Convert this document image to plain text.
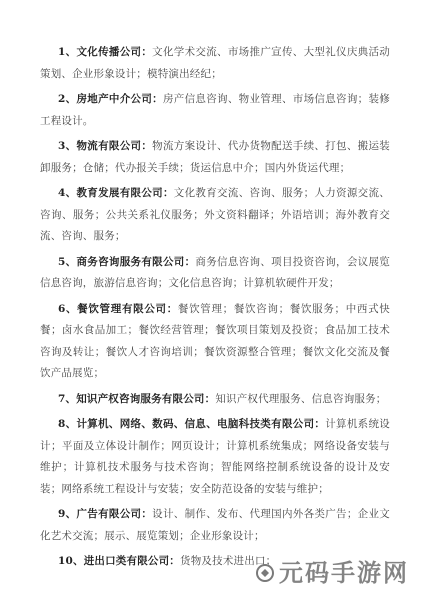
1、文化传播公司：文化学术交流、市场推广宣传、大型礼仪庆典活动策划、企业形象设计；模特演出经纪；

2、房地产中介公司：房产信息咨询、物业管理、市场信息咨询；装修工程设计。

3、物流有限公司：物流方案设计、代办货物配送手续、打包、搬运装卸服务；仓储；代办报关手续；货运信息中介；国内外货运代理；

4、教育发展有限公司：文化教育交流、咨询、服务；人力资源交流、咨询、服务；公共关系礼仪服务；外文资料翻译；外语培训；海外教育交流、咨询、服务；

5、商务咨询服务有限公司：商务信息咨询、项目投资咨询，会议展览信息咨询，旅游信息咨询；文化信息咨询；计算机软硬件开发；

6、餐饮管理有限公司：餐饮管理；餐饮咨询；餐饮服务；中西式快餐；卤水食品加工；餐饮经营管理；餐饮项目策划及投资；食品加工技术咨询及转让；餐饮人才咨询培训；餐饮资源整合管理；餐饮文化交流及餐饮产品展览；

7、知识产权咨询服务有限公司：知识产权代理服务、信息咨询服务；

8、计算机、网络、数码、信息、电脑科技类有限公司：计算机系统设计；平面及立体设计制作；网页设计；计算机系统集成；网络设备安装与维护；计算机技术服务与技术咨询；智能网络控制系统设备的设计及安装；网络系统工程设计与安装；安全防范设备的安装与维护；

9、广告有限公司：设计、制作、发布、代理国内外各类广告；企业文化艺术交流；展示、展览策划；企业形象设计；

10、进出口类有限公司：货物及技术进出口； 元码手游网
